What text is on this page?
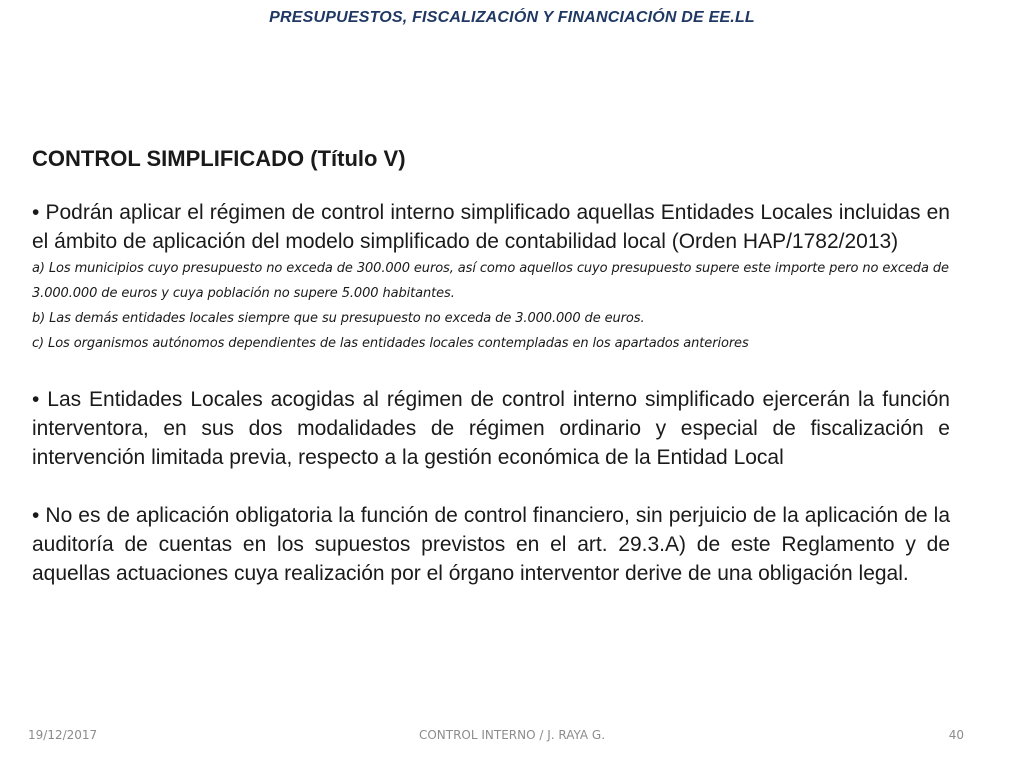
PRESUPUESTOS, FISCALIZACIÓN Y FINANCIACIÓN DE EE.LL
CONTROL SIMPLIFICADO (Título V)

• Podrán aplicar el régimen de control interno simplificado aquellas Entidades Locales incluidas en el ámbito de aplicación del modelo simplificado de contabilidad local (Orden HAP/1782/2013)

a) Los municipios cuyo presupuesto no exceda de 300.000 euros, así como aquellos cuyo presupuesto supere este importe pero no exceda de 3.000.000 de euros y cuya población no supere 5.000 habitantes.

b) Las demás entidades locales siempre que su presupuesto no exceda de 3.000.000 de euros.

c) Los organismos autónomos dependientes de las entidades locales contempladas en los apartados anteriores

• Las Entidades Locales acogidas al régimen de control interno simplificado ejercerán la función interventora, en sus dos modalidades de régimen ordinario y especial de fiscalización e intervención limitada previa, respecto a la gestión económica de la Entidad Local

• No es de aplicación obligatoria la función de control financiero, sin perjuicio de la aplicación de la auditoría de cuentas en los supuestos previstos en el art. 29.3.A) de este Reglamento y de aquellas actuaciones cuya realización por el órgano interventor derive de una obligación legal.

19/12/2017	CONTROL INTERNO / J. RAYA G.	40
